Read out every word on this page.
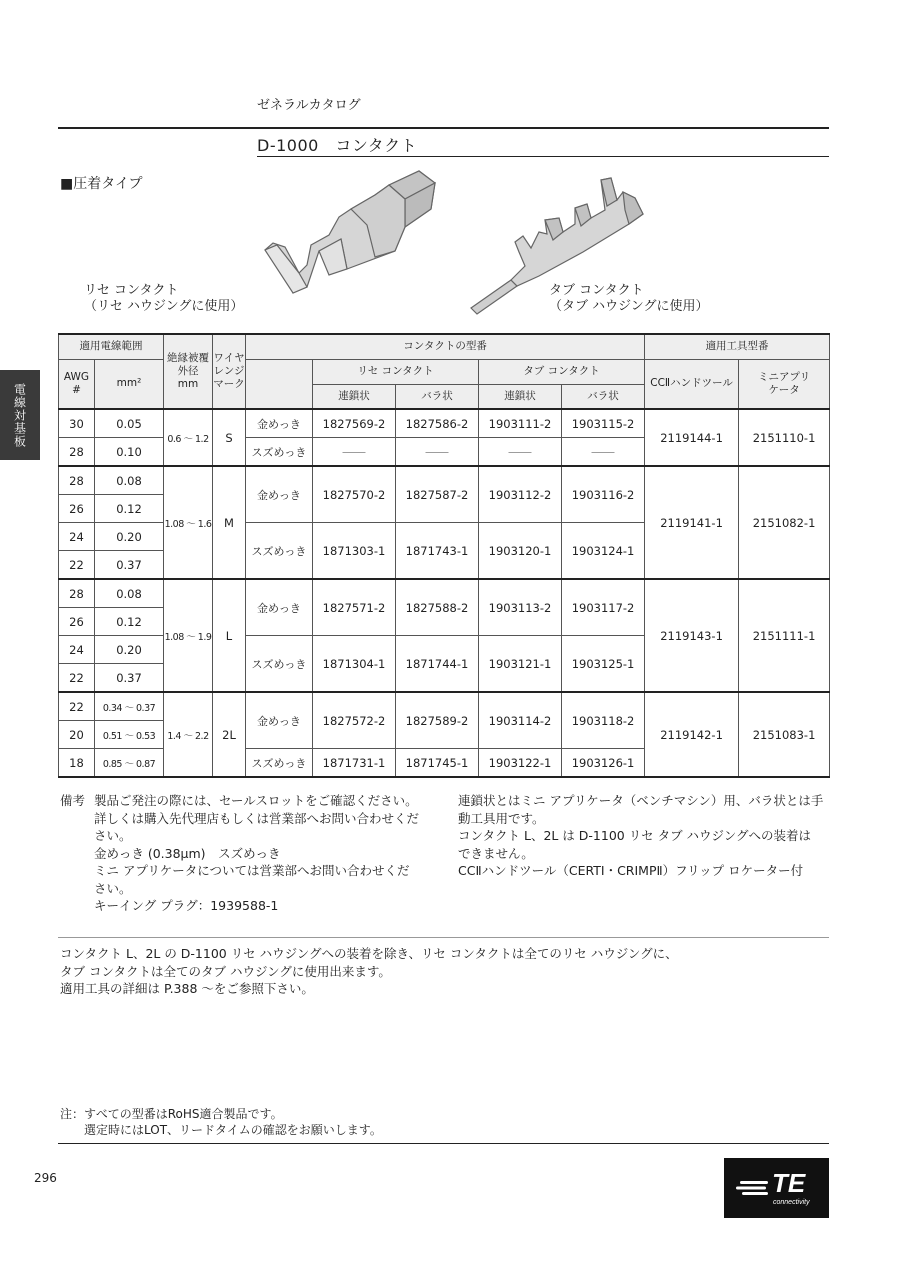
ゼネラルカタログ
D-1000　コンタクト
■圧着タイプ
電線対基板
リセ コンタクト
（リセ ハウジングに使用）
タブ コンタクト
（タブ ハウジングに使用）
適用電線範囲		絶縁被覆
外径
mm	ワイヤ
レンジ
マーク	コンタクトの型番					適用工具型番	
AWG #	mm²				リセ コンタクト		タブ コンタクト		CCⅡハンドツール	ミニアプリ
ケータ
					連鎖状	バラ状	連鎖状	バラ状		
30	0.05	0.6 ～ 1.2	S	金めっき	1827569-2	1827586-2	1903111-2	1903115-2	2119144-1	2151110-1
28	0.10			スズめっき	――	――	――	――		
28	0.08	1.08 ～ 1.6	M	金めっき	1827570-2	1827587-2	1903112-2	1903116-2	2119141-1	2151082-1
26	0.12									
24	0.20			スズめっき	1871303-1	1871743-1	1903120-1	1903124-1		
22	0.37									
28	0.08	1.08 ～ 1.9	L	金めっき	1827571-2	1827588-2	1903113-2	1903117-2	2119143-1	2151111-1
26	0.12									
24	0.20			スズめっき	1871304-1	1871744-1	1903121-1	1903125-1		
22	0.37									
22	0.34 ～ 0.37	1.4 ～ 2.2	2L	金めっき	1827572-2	1827589-2	1903114-2	1903118-2	2119142-1	2151083-1
20	0.51 ～ 0.53									
18	0.85 ～ 0.87			スズめっき	1871731-1	1871745-1	1903122-1	1903126-1		
備考 製品ご発注の際には、セールスロットをご確認ください。
詳しくは購入先代理店もしくは営業部へお問い合わせくだ
さい。
金めっき (0.38μm)　スズめっき
ミニ アプリケータについては営業部へお問い合わせくだ
さい。
キーイング プラグ：1939588-1
連鎖状とはミニ アプリケータ（ベンチマシン）用、バラ状とは手
動工具用です。
コンタクト L、2L は D-1100 リセ タブ ハウジングへの装着は
できません。
CCⅡハンドツール（CERTI・CRIMPⅡ）フリップ ロケーター付
コンタクト L、2L の D-1100 リセ ハウジングへの装着を除き、リセ コンタクトは全てのリセ ハウジングに、
タブ コンタクトは全てのタブ ハウジングに使用出来ます。
適用工具の詳細は P.388 ～をご参照下さい。
注：すべての型番はRoHS適合製品です。
　　選定時にはLOT、リードタイムの確認をお願いします。
296	TE
connectivity
